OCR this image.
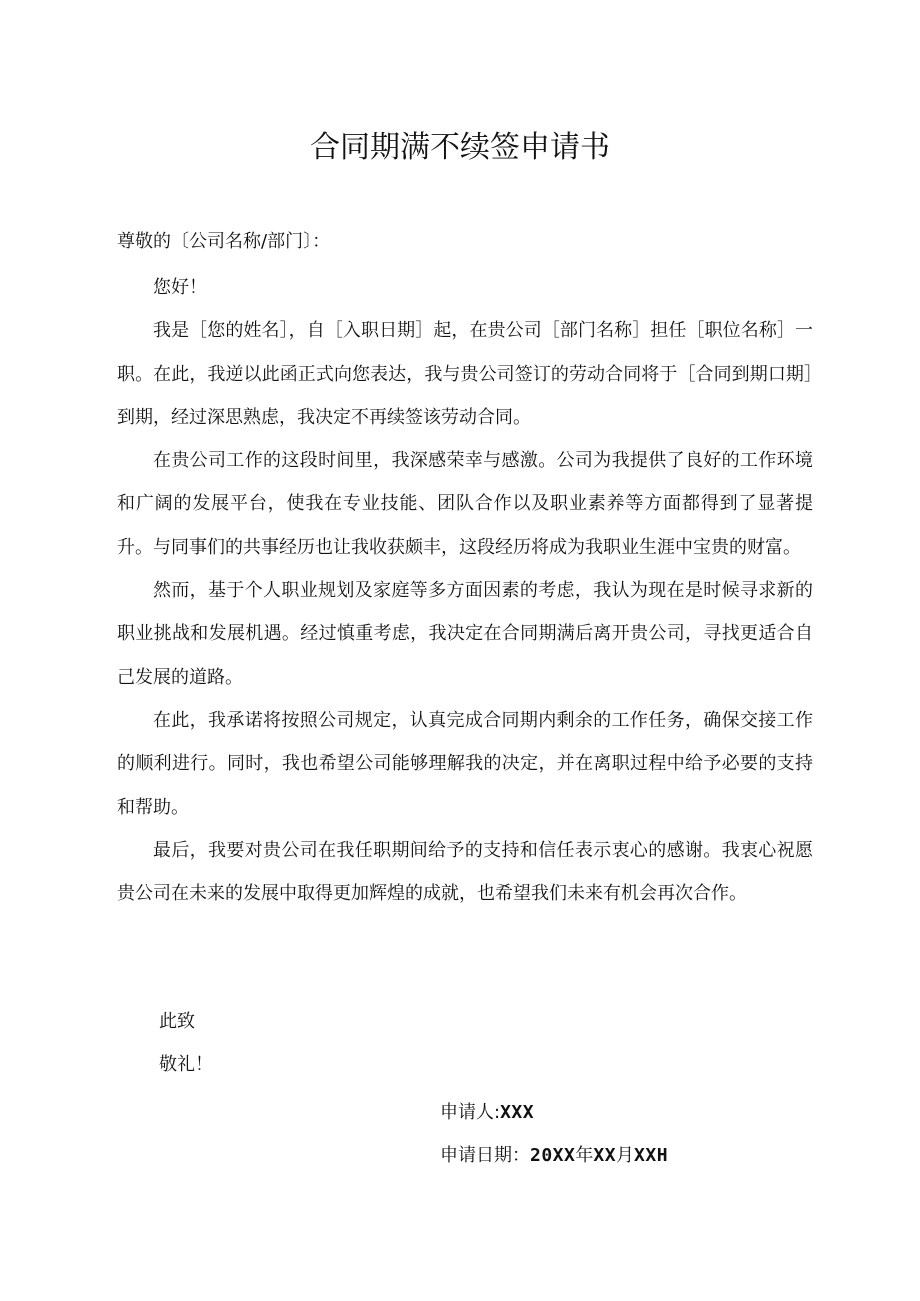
合同期满不续签申请书
尊敬的〔公司名称/部门〕：

您好！

我是［您的姓名］，自［入职日期］起，在贵公司［部门名称］担任［职位名称］一职。在此，我逆以此函正式向您表达，我与贵公司签订的劳动合同将于［合同到期口期］到期，经过深思熟虑，我决定不再续签该劳动合同。

在贵公司工作的这段时间里，我深感荣幸与感激。公司为我提供了良好的工作环境和广阔的发展平台，使我在专业技能、团队合作以及职业素养等方面都得到了显著提升。与同事们的共事经历也让我收获颇丰，这段经历将成为我职业生涯中宝贵的财富。

然而，基于个人职业规划及家庭等多方面因素的考虑，我认为现在是时候寻求新的职业挑战和发展机遇。经过慎重考虑，我决定在合同期满后离开贵公司，寻找更适合自己发展的道路。

在此，我承诺将按照公司规定，认真完成合同期内剩余的工作任务，确保交接工作的顺利进行。同时，我也希望公司能够理解我的决定，并在离职过程中给予必要的支持和帮助。

最后，我要对贵公司在我任职期间给予的支持和信任表示衷心的感谢。我衷心祝愿贵公司在未来的发展中取得更加辉煌的成就，也希望我们未来有机会再次合作。

此致
敬礼！
申请人:XXX
申请日期：20XX年XX月XXH
